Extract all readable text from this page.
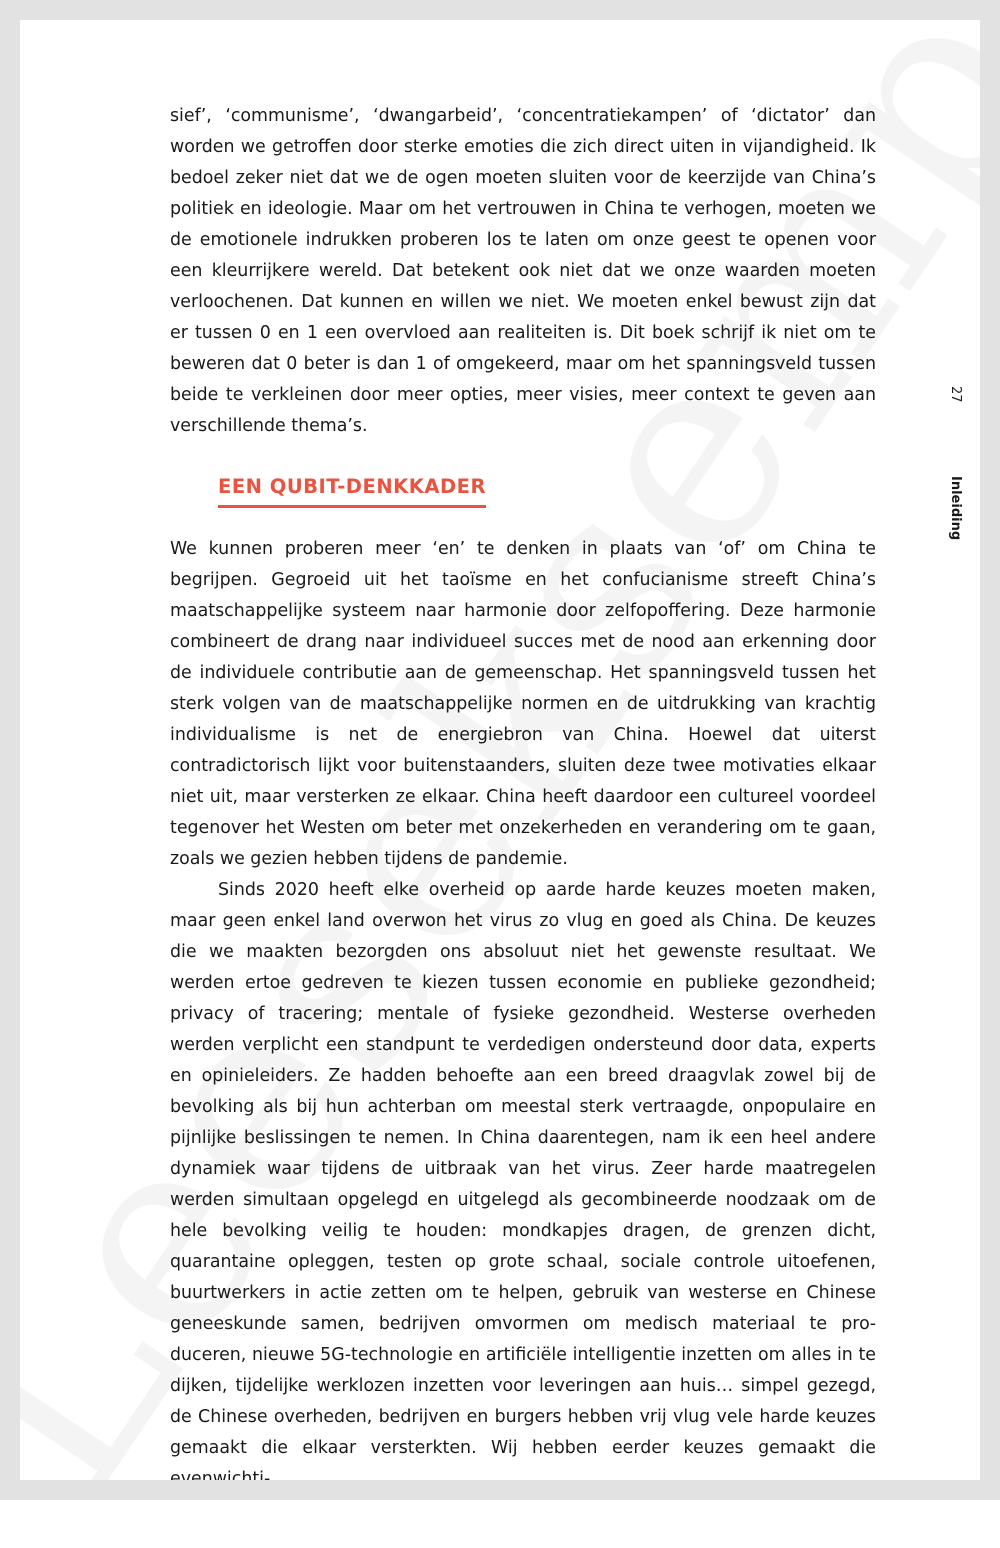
sief’, ‘communisme’, ‘dwangarbeid’, ‘concentratiekampen’ of ‘dictator’ dan worden we getroffen door sterke emoties die zich direct uiten in vijandigheid. Ik bedoel zeker niet dat we de ogen moeten sluiten voor de keerzijde van China’s politiek en ideologie. Maar om het vertrouwen in China te verhogen, moeten we de emotionele indrukken proberen los te laten om onze geest te openen voor een kleurrijkere wereld. Dat betekent ook niet dat we onze waarden moeten verloochenen. Dat kunnen en willen we niet. We moeten enkel bewust zijn dat er tussen 0 en 1 een overvloed aan realiteiten is. Dit boek schrijf ik niet om te beweren dat 0 beter is dan 1 of omgekeerd, maar om het spanningsveld tussen beide te verkleinen door meer opties, meer visies, meer context te geven aan verschillende thema’s.

EEN QUBIT-DENKKADER

We kunnen proberen meer ‘en’ te denken in plaats van ‘of’ om China te begrijpen. Gegroeid uit het taoïsme en het confucianisme streeft China’s maatschappelijke systeem naar harmonie door zelfopoffering. Deze harmonie combineert de drang naar individueel succes met de nood aan erkenning door de individuele contributie aan de gemeenschap. Het spanningsveld tussen het sterk volgen van de maatschappelijke normen en de uitdrukking van krachtig individualisme is net de energiebron van China. Hoewel dat uiterst contradictorisch lijkt voor buitenstaanders, sluiten deze twee motivaties elkaar niet uit, maar versterken ze elkaar. China heeft daardoor een cultureel voordeel tegenover het Westen om beter met onzekerheden en verandering om te gaan, zoals we gezien hebben tijdens de pandemie.

Sinds 2020 heeft elke overheid op aarde harde keuzes moeten maken, maar geen enkel land overwon het virus zo vlug en goed als China. De keuzes die we maakten bezorgden ons absoluut niet het gewenste resultaat. We werden ertoe gedreven te kiezen tussen economie en publieke gezondheid; privacy of tracering; mentale of fysieke gezondheid. Westerse overheden werden verplicht een standpunt te verdedigen ondersteund door data, experts en opinieleiders. Ze hadden behoefte aan een breed draagvlak zowel bij de bevolking als bij hun achterban om meestal sterk vertraagde, onpopulaire en pijnlijke beslissingen te nemen. In China daarentegen, nam ik een heel andere dynamiek waar tijdens de uitbraak van het virus. Zeer harde maatregelen werden simultaan opgelegd en uitgelegd als gecombineerde noodzaak om de hele bevolking veilig te houden: mondkapjes dragen, de grenzen dicht, quarantaine opleggen, testen op grote schaal, sociale controle uitoefenen, buurtwerkers in actie zetten om te helpen, gebruik van westerse en Chinese geneeskunde samen, bedrijven omvormen om medisch materiaal te produceren, nieuwe 5G-technologie en artificiële intelligentie inzetten om alles in te dijken, tijdelijke werklozen inzetten voor leveringen aan huis… simpel gezegd, de Chinese overheden, bedrijven en burgers hebben vrij vlug vele harde keuzes gemaakt die elkaar versterkten. Wij hebben eerder keuzes gemaakt die evenwichti-

27
Inleiding
